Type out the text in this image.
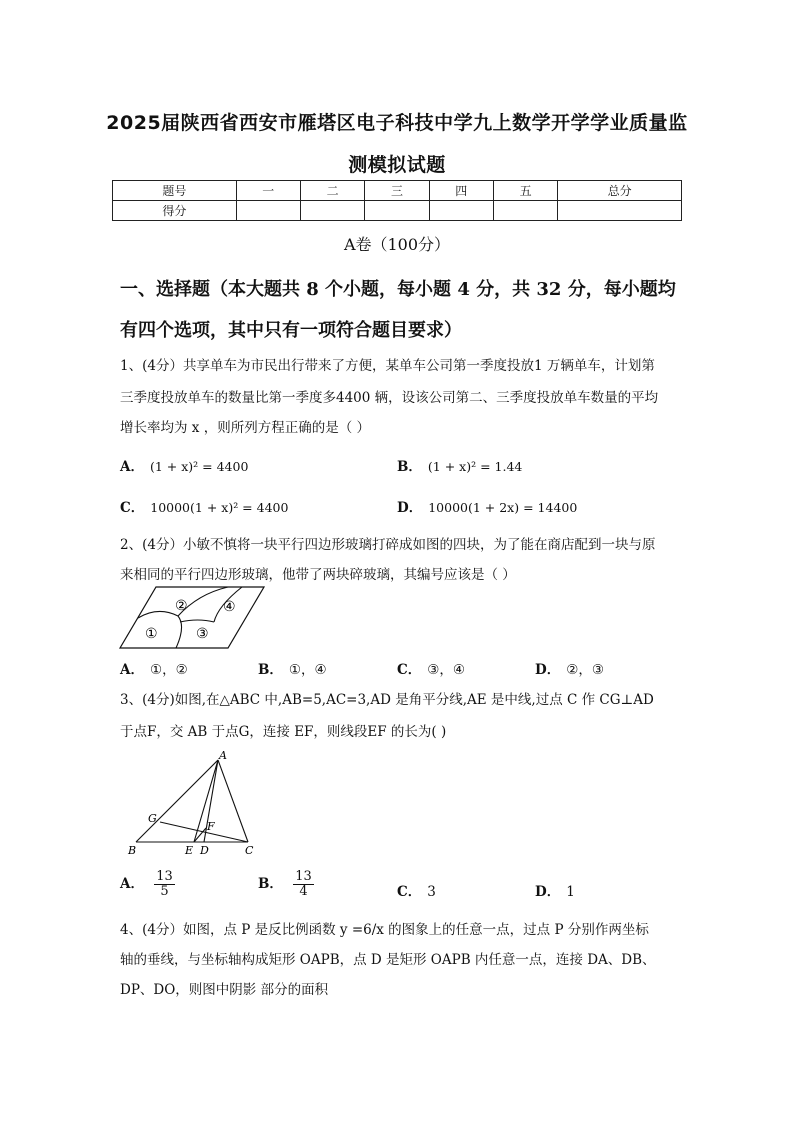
2025届陕西省西安市雁塔区电子科技中学九上数学开学学业质量监
测模拟试题
题号	一	二	三	四	五	总分
得分						
A卷（100分）
一、选择题（本大题共 8 个小题，每小题 4 分，共 32 分，每小题均
有四个选项，其中只有一项符合题目要求）
1、(4分）共享单车为市民出行带来了方便，某单车公司第一季度投放1 万辆单车，计划第
三季度投放单车的数量比第一季度多4400 辆，设该公司第二、三季度投放单车数量的平均
增长率均为 x ，则所列方程正确的是（ ）
A． (1 + x)² = 4400	B． (1 + x)² = 1.44
C． 10000(1 + x)² = 4400	D． 10000(1 + 2x) = 14400
2、(4分）小敏不慎将一块平行四边形玻璃打碎成如图的四块，为了能在商店配到一块与原
来相同的平行四边形玻璃，他带了两块碎玻璃，其编号应该是（ ）
②	④
①	③
A． ①，②	B． ①，④	C． ③，④	D． ②，③
3、(4分)如图,在△ABC 中,AB=5,AC=3,AD 是角平分线,AE 是中线,过点 C 作 CG⊥AD
于点F，交 AB 于点G，连接 EF，则线段EF 的长为( )
A
B	C
D
E
F
G
A． $\frac{13}{5}$	B． $\frac{13}{4}$	C． 3	D． 1
4、(4分）如图，点 P 是反比例函数 y =6/x 的图象上的任意一点，过点 P 分别作两坐标
轴的垂线，与坐标轴构成矩形 OAPB，点 D 是矩形 OAPB 内任意一点，连接 DA、DB、
DP、DO，则图中阴影 部分的面积
